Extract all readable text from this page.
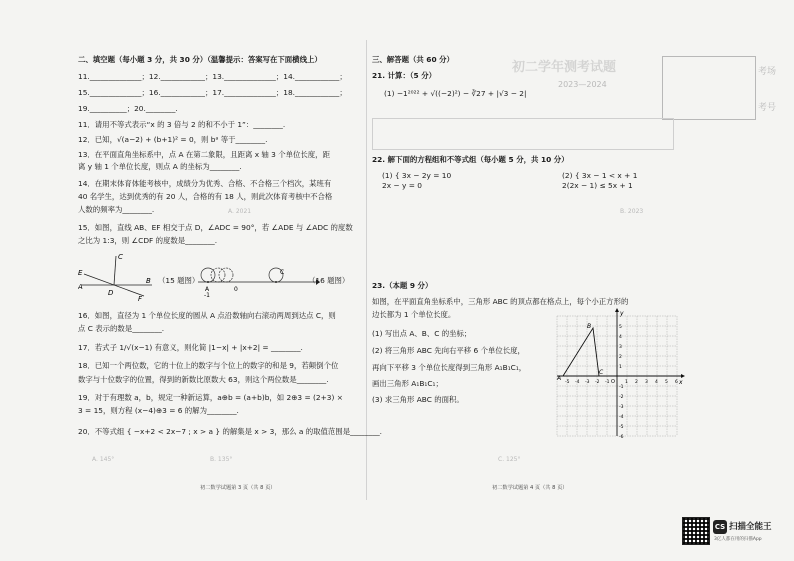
考场
考号
初二学年测考试题
2023—2024
A. 2021	B. 2023
A. 145°	B. 135°	C. 125°
二、填空题（每小题 3 分，共 30 分）（温馨提示：答案写在下面横线上）
11.______________；12.____________；13.______________；14.____________；
15.______________；16.____________；17.______________；18.____________；
19.__________；20.________.
11．请用不等式表示“x 的 3 倍与 2 的和不小于 1”：________.
12．已知，√(a−2) + (b+1)² = 0，则 bᵃ 等于________.
13．在平面直角坐标系中，点 A 在第二象限，且距离 x 轴 3 个单位长度，距
离 y 轴 1 个单位长度，则点 A 的坐标为________.
14．在期末体育体能考核中，成绩分为优秀、合格、不合格三个档次，某班有
40 名学生，达到优秀的有 20 人，合格的有 18 人，则此次体育考核中不合格
人数的频率为________.
15．如图，直线 AB、EF 相交于点 D，∠ADC = 90°，若 ∠ADE 与 ∠ADC 的度数
之比为 1:3，则 ∠CDF 的度数是________.
C
E
A
D
B
F
（15 题图）
A
-1
0
C
（16 题图）
16．如图，直径为 1 个单位长度的圆从 A 点沿数轴向右滚动两周到达点 C，则
点 C 表示的数是________.
17．若式子 1/√(x−1) 有意义，则化简 |1−x| + |x+2| = ________.
18．已知一个两位数，它的十位上的数字与个位上的数字的和是 9，若颠倒个位
数字与十位数字的位置，得到的新数比原数大 63，则这个两位数是________.
19．对于有理数 a，b，规定一种新运算，a⊕b = (a+b)b，如 2⊕3 = (2+3) ×
3 = 15，则方程 (x−4)⊕3 = 6 的解为________.
20．不等式组 { −x+2 < 2x−7 ; x > a } 的解集是 x > 3，那么 a 的取值范围是________.
初二数学试题第 3 页（共 8 页）
三、解答题（共 60 分）
21. 计算：（5 分）
(1) −1²⁰²² + √((−2)²) − ∛27 + |√3 − 2|
22. 解下面的方程组和不等式组（每小题 5 分，共 10 分）
(1) { 3x − 2y = 10
2x − y = 0
(2) { 3x − 1 < x + 1
2(2x − 1) ≤ 5x + 1
23.（本题 9 分）
如图，在平面直角坐标系中，三角形 ABC 的顶点都在格点上，每个小正方形的
边长都为 1 个单位长度。
(1) 写出点 A、B、C 的坐标；
(2) 将三角形 ABC 先向右平移 6 个单位长度，
再向下平移 3 个单位长度得到三角形 A₁B₁C₁，
画出三角形 A₁B₁C₁；
(3) 求三角形 ABC 的面积。
A
B
C
x
y
O
-5 -4 -3 -2 -1	1 2 3 4 5 6
5
4
3
2
1
-1
-2
-3
-4
-5
-6
初二数学试题第 4 页（共 8 页）
CS 扫描全能王
3亿人都在用的扫描App
